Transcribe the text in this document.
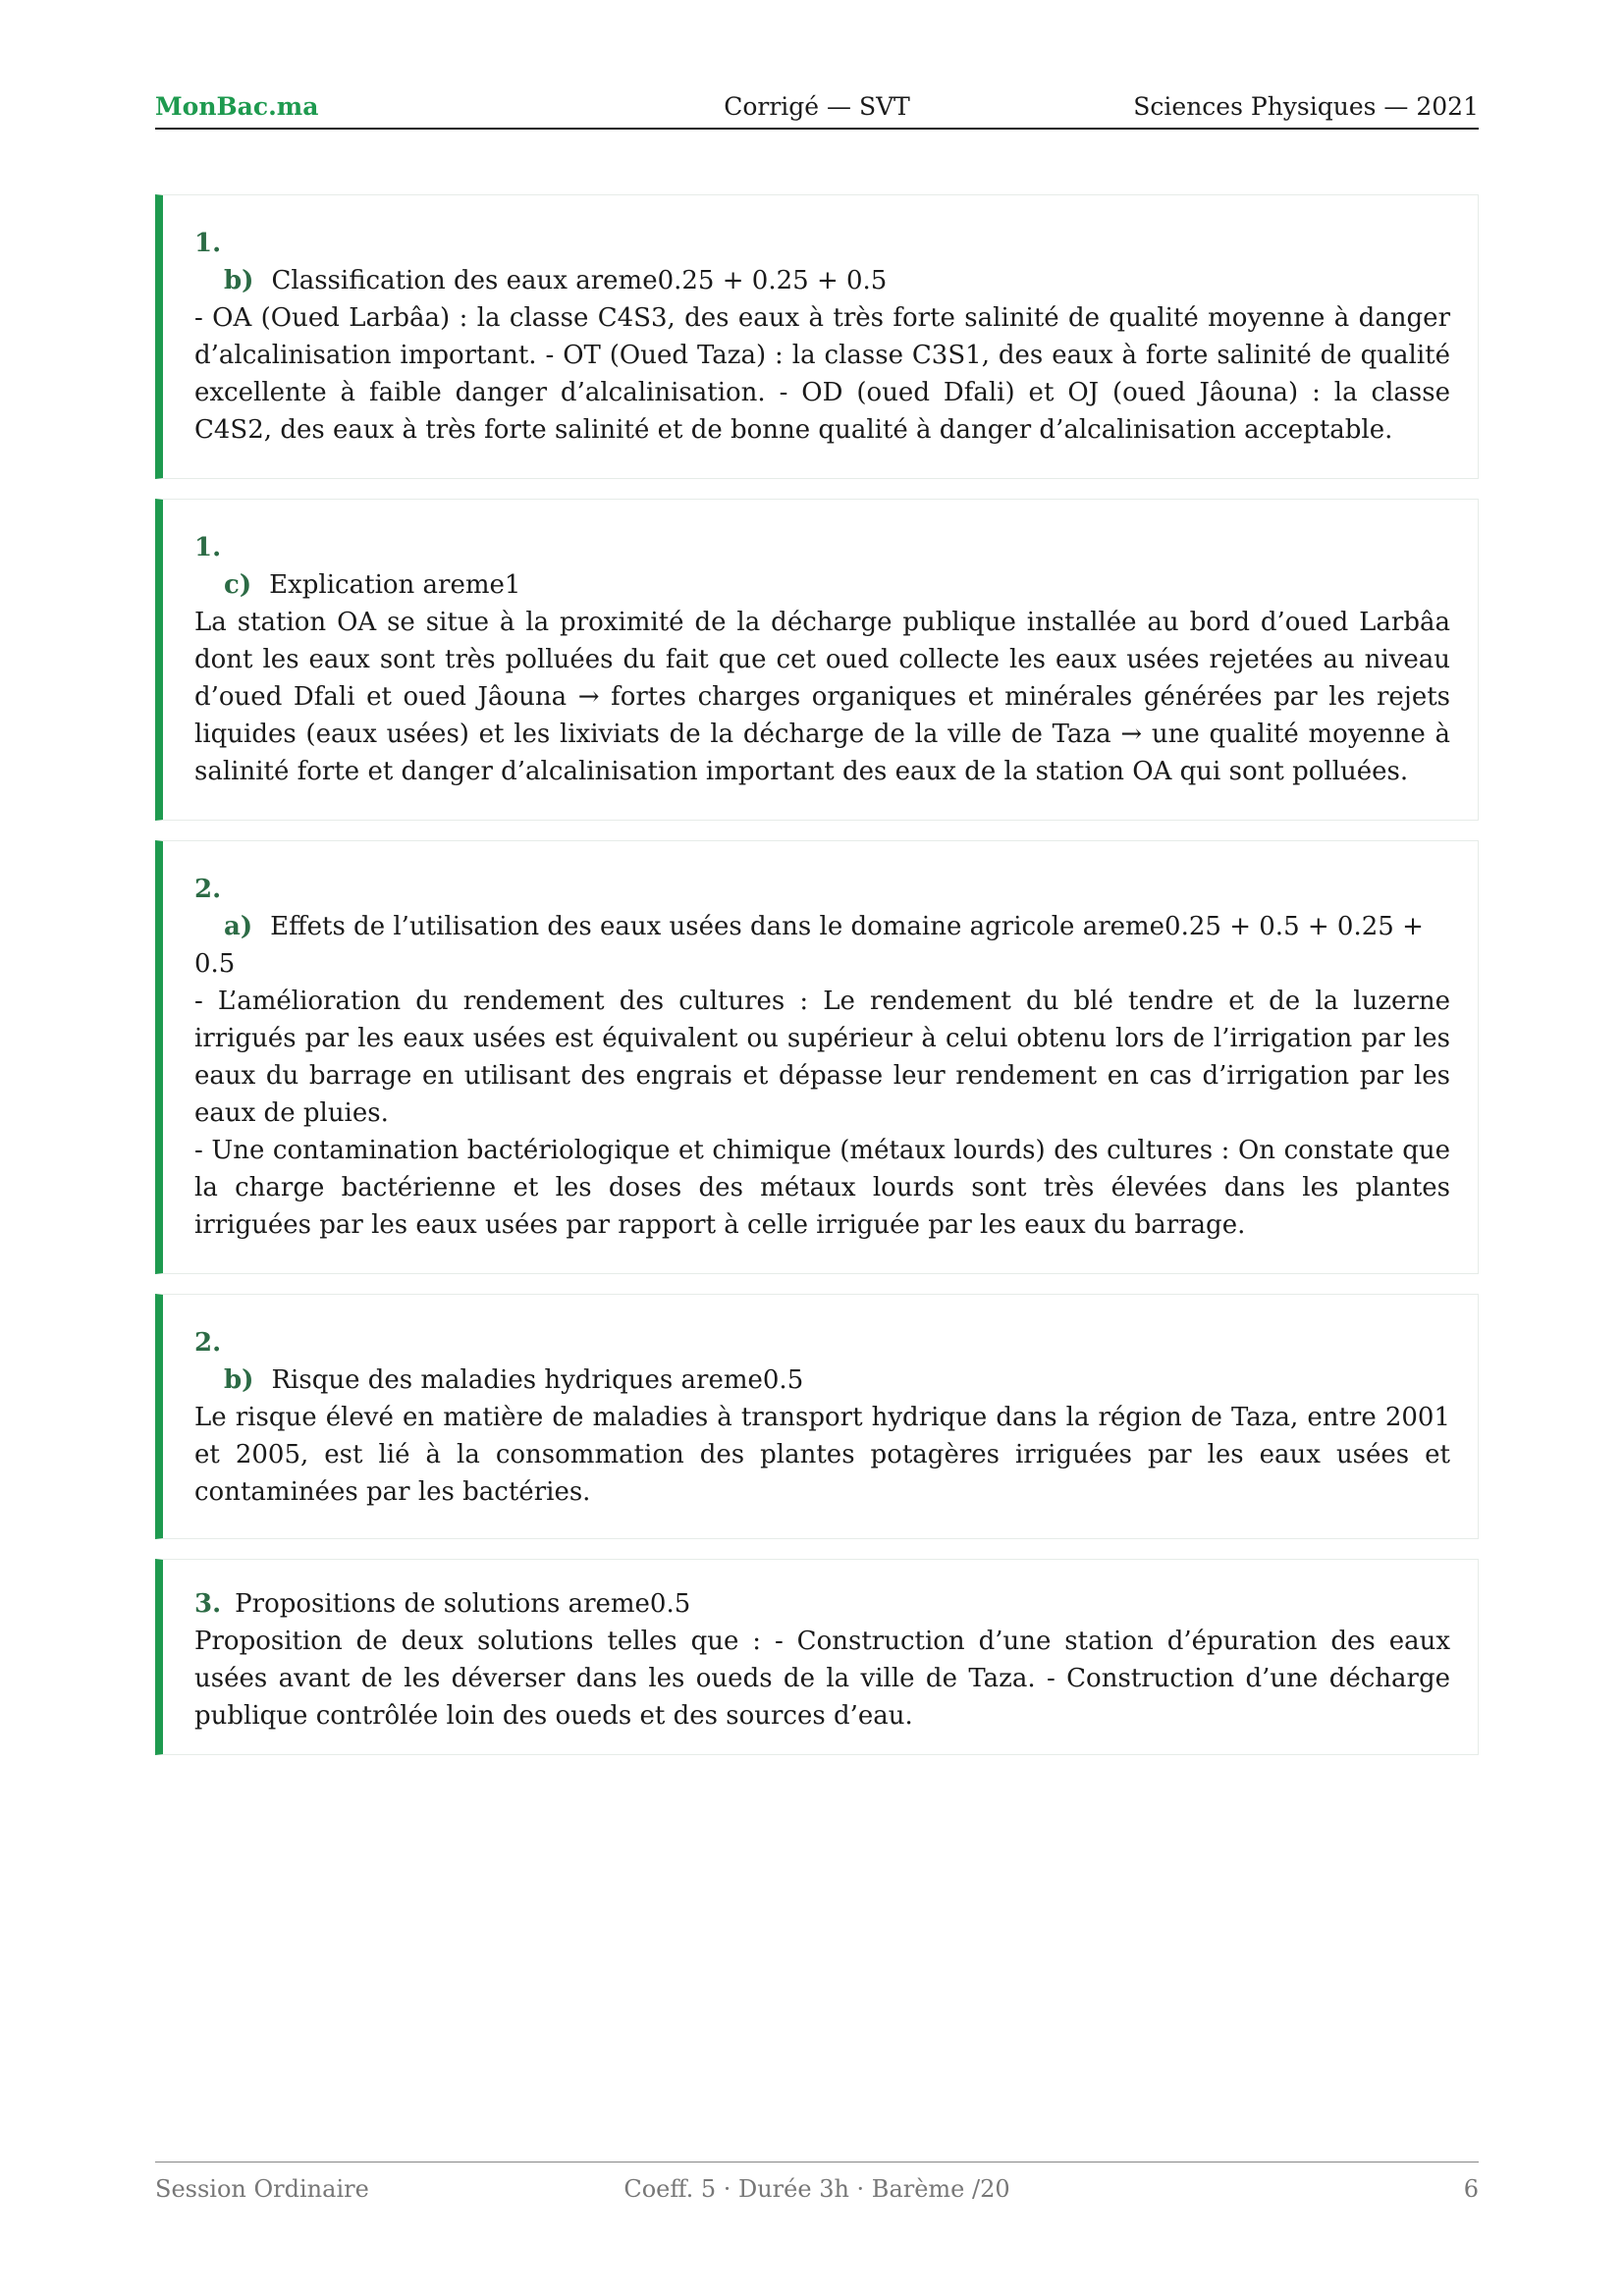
Corrigé — SVT
MonBac.ma	Sciences Physiques — 2021
1.
b) Classification des eaux areme0.25 + 0.25 + 0.5

- OA (Oued Larbâa) : la classe C4S3, des eaux à très forte salinité de qualité moyenne à danger d’alcalinisation important. - OT (Oued Taza) : la classe C3S1, des eaux à forte salinité de qualité excellente à faible danger d’alcalinisation. - OD (oued Dfali) et OJ (oued Jâouna) : la classe C4S2, des eaux à très forte salinité et de bonne qualité à danger d’alcalinisation acceptable.

1.
c) Explication areme1

La station OA se situe à la proximité de la décharge publique installée au bord d’oued Larbâa dont les eaux sont très polluées du fait que cet oued collecte les eaux usées rejetées au niveau d’oued Dfali et oued Jâouna → fortes charges organiques et minérales générées par les rejets liquides (eaux usées) et les lixiviats de la décharge de la ville de Taza → une qualité moyenne à salinité forte et danger d’alcalinisation important des eaux de la station OA qui sont polluées.

2.
a) Effets de l’utilisation des eaux usées dans le domaine agricole areme0.25 + 0.5 + 0.25 + 0.5

- L’amélioration du rendement des cultures : Le rendement du blé tendre et de la luzerne irrigués par les eaux usées est équivalent ou supérieur à celui obtenu lors de l’irrigation par les eaux du barrage en utilisant des engrais et dépasse leur rendement en cas d’irrigation par les eaux de pluies.

- Une contamination bactériologique et chimique (métaux lourds) des cultures : On constate que la charge bactérienne et les doses des métaux lourds sont très élevées dans les plantes irriguées par les eaux usées par rapport à celle irriguée par les eaux du barrage.

2.
b) Risque des maladies hydriques areme0.5

Le risque élevé en matière de maladies à transport hydrique dans la région de Taza, entre 2001 et 2005, est lié à la consommation des plantes potagères irriguées par les eaux usées et contaminées par les bactéries.

3. Propositions de solutions areme0.5

Proposition de deux solutions telles que : - Construction d’une station d’épuration des eaux usées avant de les déverser dans les oueds de la ville de Taza. - Construction d’une décharge publique contrôlée loin des oueds et des sources d’eau.

Coeff. 5 · Durée 3h · Barème /20
Session Ordinaire	6
